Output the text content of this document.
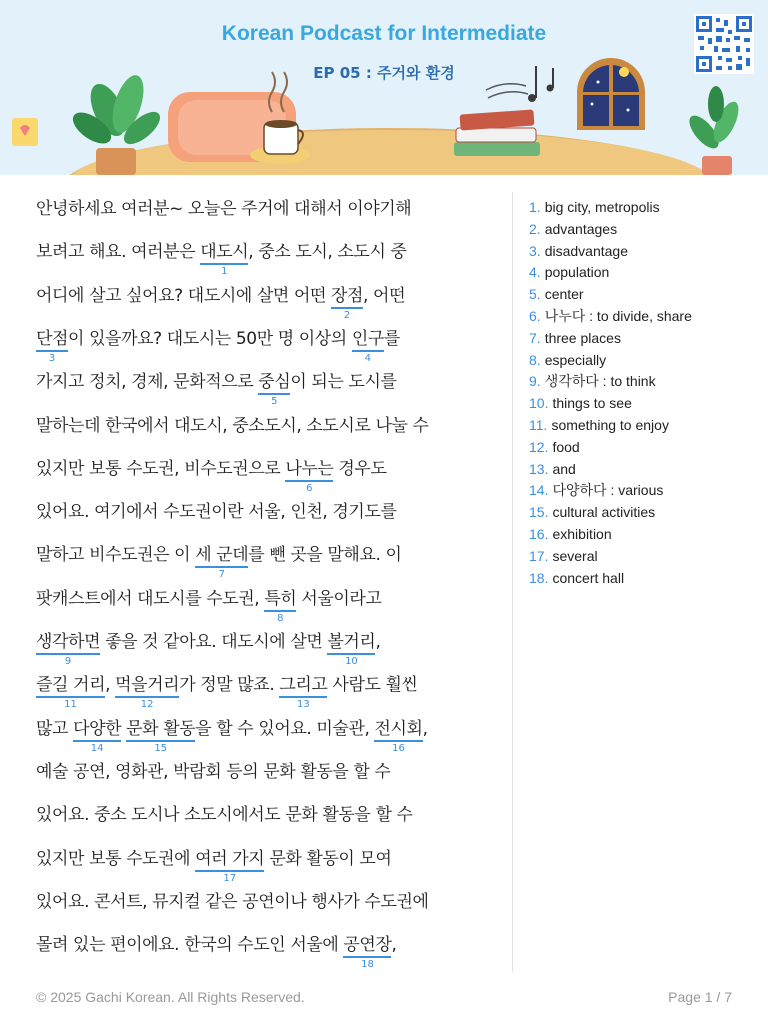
Korean Podcast for Intermediate
EP 05 : 주거와 환경
안녕하세요 여러분~ 오늘은 주거에 대해서 이야기해
보려고 해요. 여러분은 대도시
1
, 중소 도시, 소도시 중
어디에 살고 싶어요? 대도시에 살면 어떤 장점
2
, 어떤
단점
3
이 있을까요? 대도시는 50만 명 이상의 인구
4
를
가지고 정치, 경제, 문화적으로 중심
5
이 되는 도시를
말하는데 한국에서 대도시, 중소도시, 소도시로 나눌 수
있지만 보통 수도권, 비수도권으로 나누는
6
경우도
있어요. 여기에서 수도권이란 서울, 인천, 경기도를
말하고 비수도권은 이 세 군데
7
를 뺀 곳을 말해요. 이
팟캐스트에서 대도시를 수도권, 특히
8
서울이라고
생각하면
9
좋을 것 같아요. 대도시에 살면 볼거리
10
,
즐길 거리
11
, 먹을거리
12
가 정말 많죠. 그리고
13
사람도 훨씬
많고 다양한
14
문화 활동
15
을 할 수 있어요. 미술관, 전시회
16
,
예술 공연, 영화관, 박람회 등의 문화 활동을 할 수
있어요. 중소 도시나 소도시에서도 문화 활동을 할 수
있지만 보통 수도권에 여러 가지
17
문화 활동이 모여
있어요. 콘서트, 뮤지컬 같은 공연이나 행사가 수도권에
몰려 있는 편이에요. 한국의 수도인 서울에 공연장
18
,
1. big city, metropolis
2. advantages
3. disadvantage
4. population
5. center
6. 나누다 : to divide, share
7. three places
8. especially
9. 생각하다 : to think
10. things to see
11. something to enjoy
12. food
13. and
14. 다양하다 : various
15. cultural activities
16. exhibition
17. several
18. concert hall
© 2025 Gachi Korean. All Rights Reserved.	Page 1 / 7
